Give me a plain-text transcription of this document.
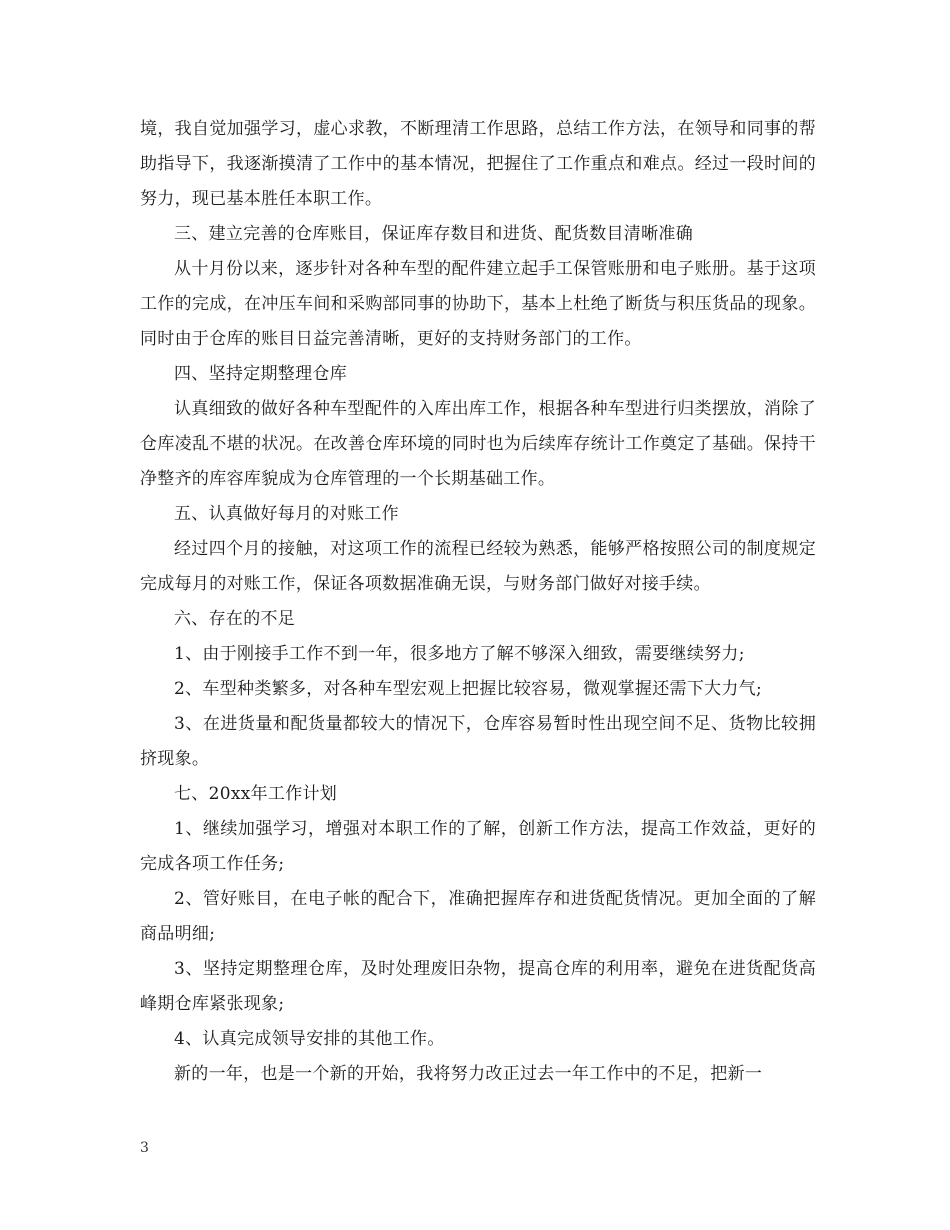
境，我自觉加强学习，虚心求教，不断理清工作思路，总结工作方法，在领导和同事的帮助指导下，我逐渐摸清了工作中的基本情况，把握住了工作重点和难点。经过一段时间的努力，现已基本胜任本职工作。

三、建立完善的仓库账目，保证库存数目和进货、配货数目清晰准确

从十月份以来，逐步针对各种车型的配件建立起手工保管账册和电子账册。基于这项工作的完成，在冲压车间和采购部同事的协助下，基本上杜绝了断货与积压货品的现象。同时由于仓库的账目日益完善清晰，更好的支持财务部门的工作。

四、坚持定期整理仓库

认真细致的做好各种车型配件的入库出库工作，根据各种车型进行归类摆放，消除了仓库凌乱不堪的状况。在改善仓库环境的同时也为后续库存统计工作奠定了基础。保持干净整齐的库容库貌成为仓库管理的一个长期基础工作。

五、认真做好每月的对账工作

经过四个月的接触，对这项工作的流程已经较为熟悉，能够严格按照公司的制度规定完成每月的对账工作，保证各项数据准确无误，与财务部门做好对接手续。

六、存在的不足

1、由于刚接手工作不到一年，很多地方了解不够深入细致，需要继续努力;

2、车型种类繁多，对各种车型宏观上把握比较容易，微观掌握还需下大力气;

3、在进货量和配货量都较大的情况下，仓库容易暂时性出现空间不足、货物比较拥挤现象。

七、20xx年工作计划

1、继续加强学习，增强对本职工作的了解，创新工作方法，提高工作效益，更好的完成各项工作任务;

2、管好账目，在电子帐的配合下，准确把握库存和进货配货情况。更加全面的了解商品明细;

3、坚持定期整理仓库，及时处理废旧杂物，提高仓库的利用率，避免在进货配货高峰期仓库紧张现象;

4、认真完成领导安排的其他工作。

新的一年，也是一个新的开始，我将努力改正过去一年工作中的不足，把新一

3
